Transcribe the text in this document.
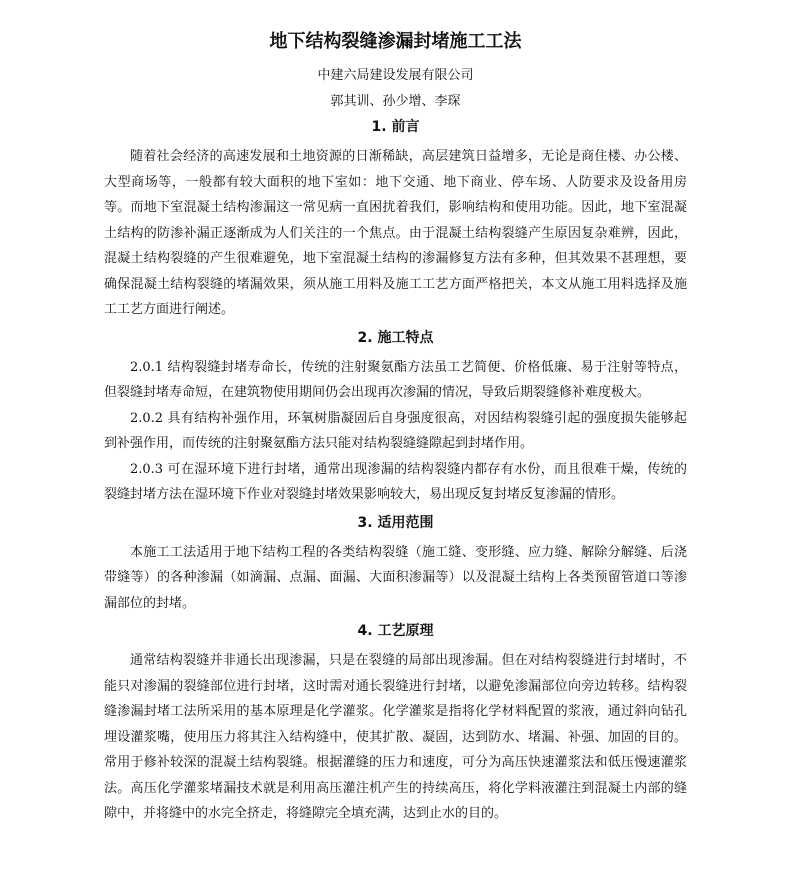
地下结构裂缝渗漏封堵施工工法

中建六局建设发展有限公司

郭其训、孙少增、李琛

1. 前言

随着社会经济的高速发展和土地资源的日渐稀缺，高层建筑日益增多，无论是商住楼、办公楼、大型商场等，一般都有较大面积的地下室如：地下交通、地下商业、停车场、人防要求及设备用房等。而地下室混凝土结构渗漏这一常见病一直困扰着我们，影响结构和使用功能。因此，地下室混凝土结构的防渗补漏正逐渐成为人们关注的一个焦点。由于混凝土结构裂缝产生原因复杂难辨，因此，混凝土结构裂缝的产生很难避免，地下室混凝土结构的渗漏修复方法有多种，但其效果不甚理想，要确保混凝土结构裂缝的堵漏效果，须从施工用料及施工工艺方面严格把关，本文从施工用料选择及施工工艺方面进行阐述。

2. 施工特点

2.0.1 结构裂缝封堵寿命长，传统的注射聚氨酯方法虽工艺简便、价格低廉、易于注射等特点，但裂缝封堵寿命短，在建筑物使用期间仍会出现再次渗漏的情况，导致后期裂缝修补难度极大。

2.0.2 具有结构补强作用，环氧树脂凝固后自身强度很高，对因结构裂缝引起的强度损失能够起到补强作用，而传统的注射聚氨酯方法只能对结构裂缝缝隙起到封堵作用。

2.0.3 可在湿环境下进行封堵，通常出现渗漏的结构裂缝内都存有水份，而且很难干燥，传统的裂缝封堵方法在湿环境下作业对裂缝封堵效果影响较大，易出现反复封堵反复渗漏的情形。

3. 适用范围

本施工工法适用于地下结构工程的各类结构裂缝（施工缝、变形缝、应力缝、解除分解缝、后浇带缝等）的各种渗漏（如滴漏、点漏、面漏、大面积渗漏等）以及混凝土结构上各类预留管道口等渗漏部位的封堵。

4. 工艺原理

通常结构裂缝并非通长出现渗漏，只是在裂缝的局部出现渗漏。但在对结构裂缝进行封堵时，不能只对渗漏的裂缝部位进行封堵，这时需对通长裂缝进行封堵，以避免渗漏部位向旁边转移。结构裂缝渗漏封堵工法所采用的基本原理是化学灌浆。化学灌浆是指将化学材料配置的浆液，通过斜向钻孔埋设灌浆嘴，使用压力将其注入结构缝中，使其扩散、凝固，达到防水、堵漏、补强、加固的目的。常用于修补较深的混凝土结构裂缝。根据灌缝的压力和速度，可分为高压快速灌浆法和低压慢速灌浆法。高压化学灌浆堵漏技术就是利用高压灌注机产生的持续高压，将化学料液灌注到混凝土内部的缝隙中，并将缝中的水完全挤走，将缝隙完全填充满，达到止水的目的。
